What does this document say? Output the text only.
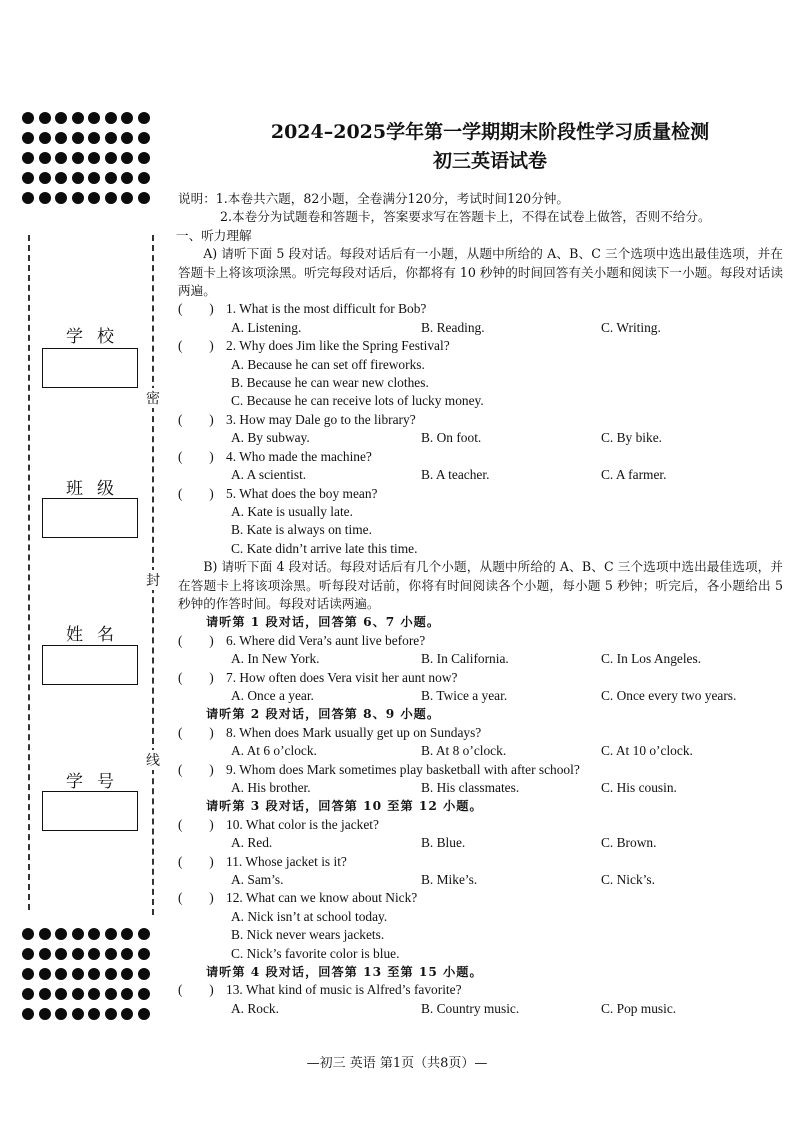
密
封
线
学校
班级
姓名
学号
2024–2025学年第一学期期末阶段性学习质量检测
初三英语试卷
说明：1.本卷共六题，82小题，全卷满分120分，考试时间120分钟。
2.本卷分为试题卷和答题卡，答案要求写在答题卡上，不得在试卷上做答，否则不给分。
一、听力理解
A) 请听下面 5 段对话。每段对话后有一小题，从题中所给的 A、B、C 三个选项中选出最佳选项，并在答题卡上将该项涂黑。听完每段对话后，你都将有 10 秒钟的时间回答有关小题和阅读下一小题。每段对话读两遍。
(　　) 1. What is the most difficult for Bob?
A. Listening.	B. Reading.	C. Writing.
(　　) 2. Why does Jim like the Spring Festival?
A. Because he can set off fireworks.
B. Because he can wear new clothes.
C. Because he can receive lots of lucky money.
(　　) 3. How may Dale go to the library?
A. By subway.	B. On foot.	C. By bike.
(　　) 4. Who made the machine?
A. A scientist.	B. A teacher.	C. A farmer.
(　　) 5. What does the boy mean?
A. Kate is usually late.
B. Kate is always on time.
C. Kate didn’t arrive late this time.
B) 请听下面 4 段对话。每段对话后有几个小题，从题中所给的 A、B、C 三个选项中选出最佳选项，并在答题卡上将该项涂黑。听每段对话前，你将有时间阅读各个小题，每小题 5 秒钟；听完后，各小题给出 5 秒钟的作答时间。每段对话读两遍。
请听第 1 段对话，回答第 6、7 小题。
(　　) 6. Where did Vera’s aunt live before?
A. In New York.	B. In California.	C. In Los Angeles.
(　　) 7. How often does Vera visit her aunt now?
A. Once a year.	B. Twice a year.	C. Once every two years.
请听第 2 段对话，回答第 8、9 小题。
(　　) 8. When does Mark usually get up on Sundays?
A. At 6 o’clock.	B. At 8 o’clock.	C. At 10 o’clock.
(　　) 9. Whom does Mark sometimes play basketball with after school?
A. His brother.	B. His classmates.	C. His cousin.
请听第 3 段对话，回答第 10 至第 12 小题。
(　　) 10. What color is the jacket?
A. Red.	B. Blue.	C. Brown.
(　　) 11. Whose jacket is it?
A. Sam’s.	B. Mike’s.	C. Nick’s.
(　　) 12. What can we know about Nick?
A. Nick isn’t at school today.
B. Nick never wears jackets.
C. Nick’s favorite color is blue.
请听第 4 段对话，回答第 13 至第 15 小题。
(　　) 13. What kind of music is Alfred’s favorite?
A. Rock.	B. Country music.	C. Pop music.
—初三 英语 第1页（共8页）—
